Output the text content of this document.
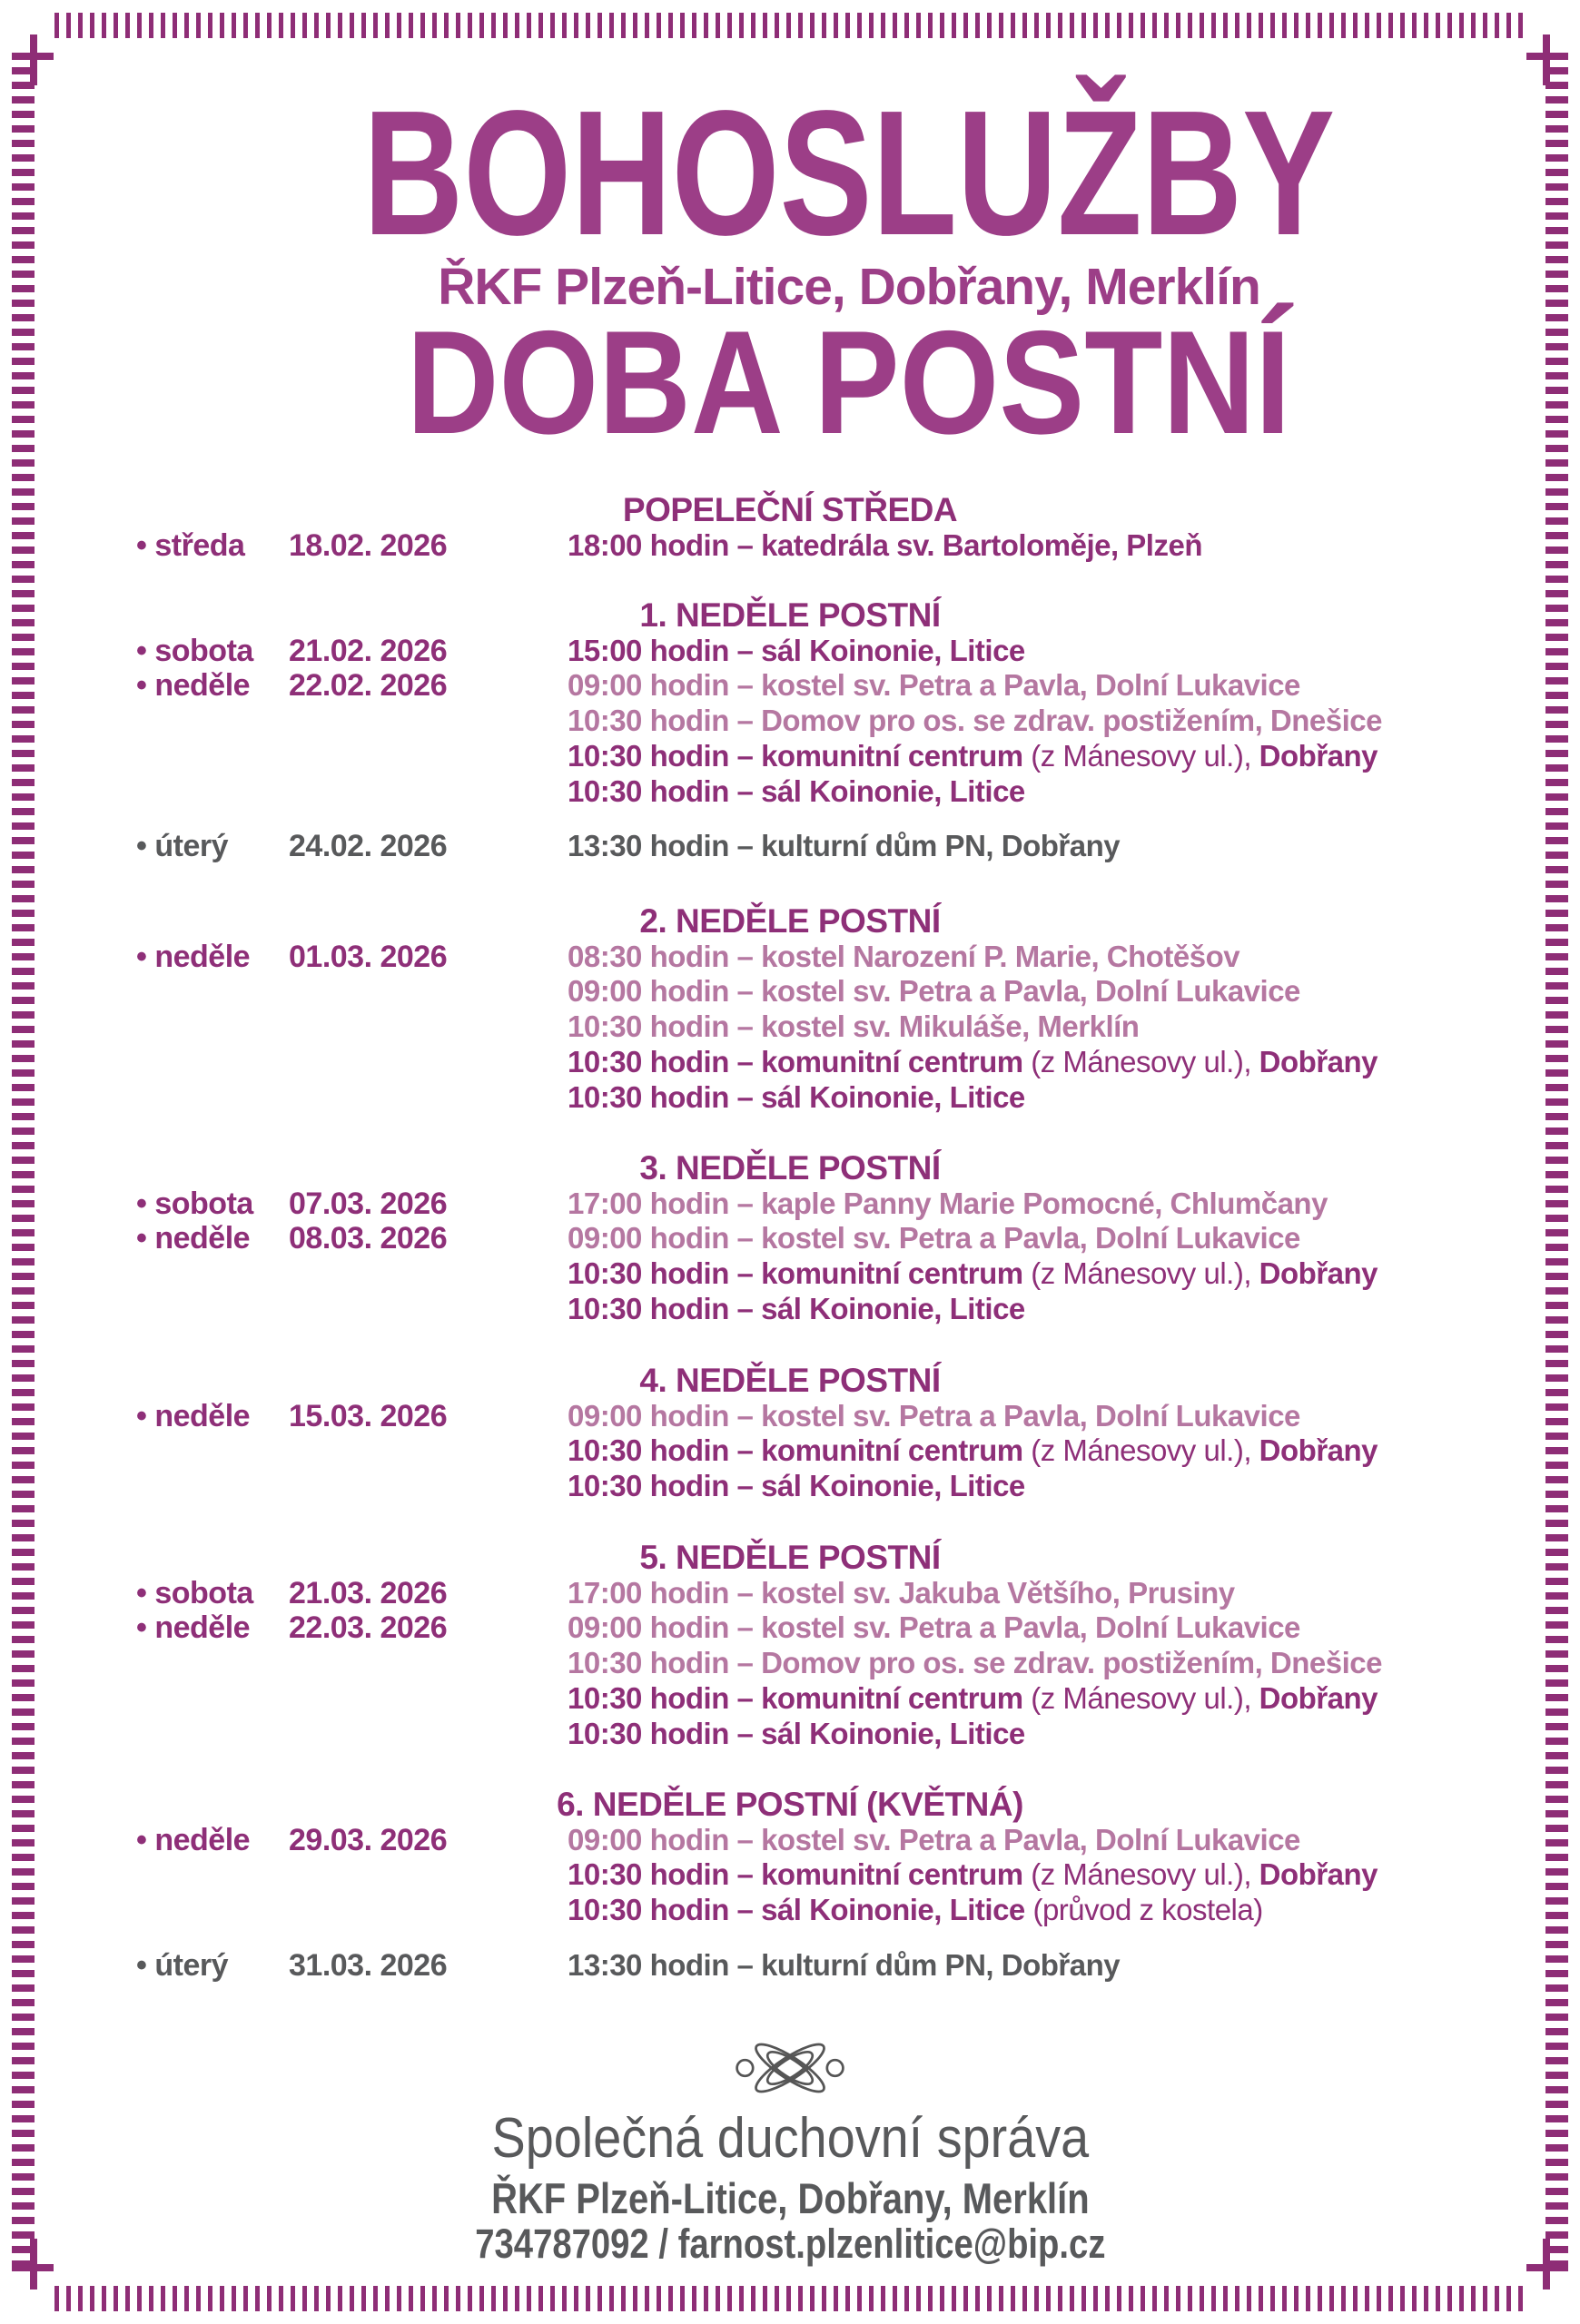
BOHOSLUŽBY
ŘKF Plzeň-Litice, Dobřany, Merklín
DOBA POSTNÍ
POPELEČNÍ STŘEDA
• středa 18.02. 2026	18:00 hodin – katedrála sv. Bartoloměje, Plzeň
1. NEDĚLE POSTNÍ
• sobota 21.02. 2026	15:00 hodin – sál Koinonie, Litice
• neděle 22.02. 2026	09:00 hodin – kostel sv. Petra a Pavla, Dolní Lukavice
10:30 hodin – Domov pro os. se zdrav. postižením, Dnešice
10:30 hodin – komunitní centrum (z Mánesovy ul.), Dobřany
10:30 hodin – sál Koinonie, Litice
• úterý 24.02. 2026	13:30 hodin – kulturní dům PN, Dobřany
2. NEDĚLE POSTNÍ
• neděle 01.03. 2026	08:30 hodin – kostel Narození P. Marie, Chotěšov
09:00 hodin – kostel sv. Petra a Pavla, Dolní Lukavice
10:30 hodin – kostel sv. Mikuláše, Merklín
10:30 hodin – komunitní centrum (z Mánesovy ul.), Dobřany
10:30 hodin – sál Koinonie, Litice
3. NEDĚLE POSTNÍ
• sobota 07.03. 2026	17:00 hodin – kaple Panny Marie Pomocné, Chlumčany
• neděle 08.03. 2026	09:00 hodin – kostel sv. Petra a Pavla, Dolní Lukavice
10:30 hodin – komunitní centrum (z Mánesovy ul.), Dobřany
10:30 hodin – sál Koinonie, Litice
4. NEDĚLE POSTNÍ
• neděle 15.03. 2026	09:00 hodin – kostel sv. Petra a Pavla, Dolní Lukavice
10:30 hodin – komunitní centrum (z Mánesovy ul.), Dobřany
10:30 hodin – sál Koinonie, Litice
5. NEDĚLE POSTNÍ
• sobota 21.03. 2026	17:00 hodin – kostel sv. Jakuba Většího, Prusiny
• neděle 22.03. 2026	09:00 hodin – kostel sv. Petra a Pavla, Dolní Lukavice
10:30 hodin – Domov pro os. se zdrav. postižením, Dnešice
10:30 hodin – komunitní centrum (z Mánesovy ul.), Dobřany
10:30 hodin – sál Koinonie, Litice
6. NEDĚLE POSTNÍ (KVĚTNÁ)
• neděle 29.03. 2026	09:00 hodin – kostel sv. Petra a Pavla, Dolní Lukavice
10:30 hodin – komunitní centrum (z Mánesovy ul.), Dobřany
10:30 hodin – sál Koinonie, Litice (průvod z kostela)
• úterý 31.03. 2026	13:30 hodin – kulturní dům PN, Dobřany
Společná duchovní správa
ŘKF Plzeň-Litice, Dobřany, Merklín
734787092 / farnost.plzenlitice@bip.cz
